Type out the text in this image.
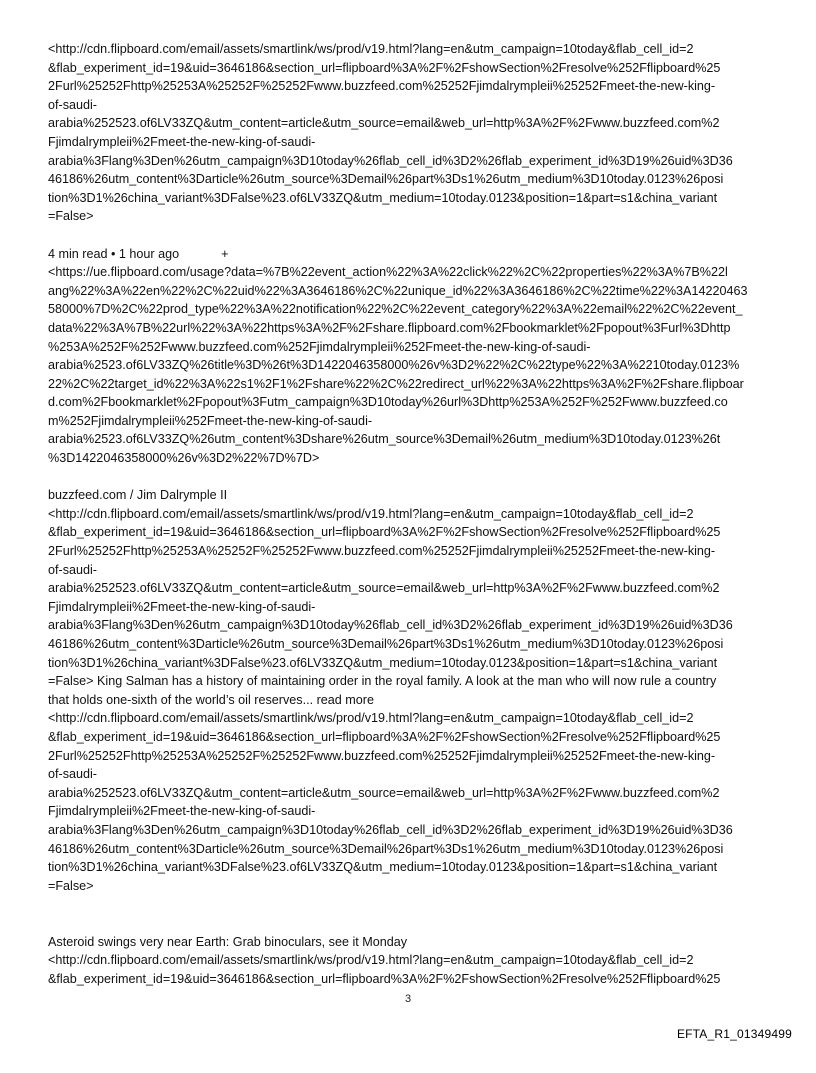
<http://cdn.flipboard.com/email/assets/smartlink/ws/prod/v19.html?lang=en&utm_campaign=10today&flab_cell_id=2
&flab_experiment_id=19&uid=3646186&section_url=flipboard%3A%2F%2FshowSection%2Fresolve%252Fflipboard%25
2Furl%25252Fhttp%25253A%25252F%25252Fwww.buzzfeed.com%25252Fjimdalrympleii%25252Fmeet-the-new-king-
of-saudi-
arabia%252523.of6LV33ZQ&utm_content=article&utm_source=email&web_url=http%3A%2F%2Fwww.buzzfeed.com%2
Fjimdalrympleii%2Fmeet-the-new-king-of-saudi-
arabia%3Flang%3Den%26utm_campaign%3D10today%26flab_cell_id%3D2%26flab_experiment_id%3D19%26uid%3D36
46186%26utm_content%3Darticle%26utm_source%3Demail%26part%3Ds1%26utm_medium%3D10today.0123%26posi
tion%3D1%26china_variant%3DFalse%23.of6LV33ZQ&utm_medium=10today.0123&position=1&part=s1&china_variant
=False>
4 min read • 1 hour ago            +
<https://ue.flipboard.com/usage?data=%7B%22event_action%22%3A%22click%22%2C%22properties%22%3A%7B%22l
ang%22%3A%22en%22%2C%22uid%22%3A3646186%2C%22unique_id%22%3A3646186%2C%22time%22%3A14220463
58000%7D%2C%22prod_type%22%3A%22notification%22%2C%22event_category%22%3A%22email%22%2C%22event_
data%22%3A%7B%22url%22%3A%22https%3A%2F%2Fshare.flipboard.com%2Fbookmarklet%2Fpopout%3Furl%3Dhttp
%253A%252F%252Fwww.buzzfeed.com%252Fjimdalrympleii%252Fmeet-the-new-king-of-saudi-
arabia%2523.of6LV33ZQ%26title%3D%26t%3D1422046358000%26v%3D2%22%2C%22type%22%3A%2210today.0123%
22%2C%22target_id%22%3A%22s1%2F1%2Fshare%22%2C%22redirect_url%22%3A%22https%3A%2F%2Fshare.flipboar
d.com%2Fbookmarklet%2Fpopout%3Futm_campaign%3D10today%26url%3Dhttp%253A%252F%252Fwww.buzzfeed.co
m%252Fjimdalrympleii%252Fmeet-the-new-king-of-saudi-
arabia%2523.of6LV33ZQ%26utm_content%3Dshare%26utm_source%3Demail%26utm_medium%3D10today.0123%26t
%3D1422046358000%26v%3D2%22%7D%7D>
buzzfeed.com / Jim Dalrymple II
<http://cdn.flipboard.com/email/assets/smartlink/ws/prod/v19.html?lang=en&utm_campaign=10today&flab_cell_id=2
&flab_experiment_id=19&uid=3646186&section_url=flipboard%3A%2F%2FshowSection%2Fresolve%252Fflipboard%25
2Furl%25252Fhttp%25253A%25252F%25252Fwww.buzzfeed.com%25252Fjimdalrympleii%25252Fmeet-the-new-king-
of-saudi-
arabia%252523.of6LV33ZQ&utm_content=article&utm_source=email&web_url=http%3A%2F%2Fwww.buzzfeed.com%2
Fjimdalrympleii%2Fmeet-the-new-king-of-saudi-
arabia%3Flang%3Den%26utm_campaign%3D10today%26flab_cell_id%3D2%26flab_experiment_id%3D19%26uid%3D36
46186%26utm_content%3Darticle%26utm_source%3Demail%26part%3Ds1%26utm_medium%3D10today.0123%26posi
tion%3D1%26china_variant%3DFalse%23.of6LV33ZQ&utm_medium=10today.0123&position=1&part=s1&china_variant
=False> King Salman has a history of maintaining order in the royal family. A look at the man who will now rule a country
that holds one-sixth of the world’s oil reserves... read more
<http://cdn.flipboard.com/email/assets/smartlink/ws/prod/v19.html?lang=en&utm_campaign=10today&flab_cell_id=2
&flab_experiment_id=19&uid=3646186&section_url=flipboard%3A%2F%2FshowSection%2Fresolve%252Fflipboard%25
2Furl%25252Fhttp%25253A%25252F%25252Fwww.buzzfeed.com%25252Fjimdalrympleii%25252Fmeet-the-new-king-
of-saudi-
arabia%252523.of6LV33ZQ&utm_content=article&utm_source=email&web_url=http%3A%2F%2Fwww.buzzfeed.com%2
Fjimdalrympleii%2Fmeet-the-new-king-of-saudi-
arabia%3Flang%3Den%26utm_campaign%3D10today%26flab_cell_id%3D2%26flab_experiment_id%3D19%26uid%3D36
46186%26utm_content%3Darticle%26utm_source%3Demail%26part%3Ds1%26utm_medium%3D10today.0123%26posi
tion%3D1%26china_variant%3DFalse%23.of6LV33ZQ&utm_medium=10today.0123&position=1&part=s1&china_variant
=False>
Asteroid swings very near Earth: Grab binoculars, see it Monday
<http://cdn.flipboard.com/email/assets/smartlink/ws/prod/v19.html?lang=en&utm_campaign=10today&flab_cell_id=2
&flab_experiment_id=19&uid=3646186&section_url=flipboard%3A%2F%2FshowSection%2Fresolve%252Fflipboard%25
3
EFTA_R1_01349499
